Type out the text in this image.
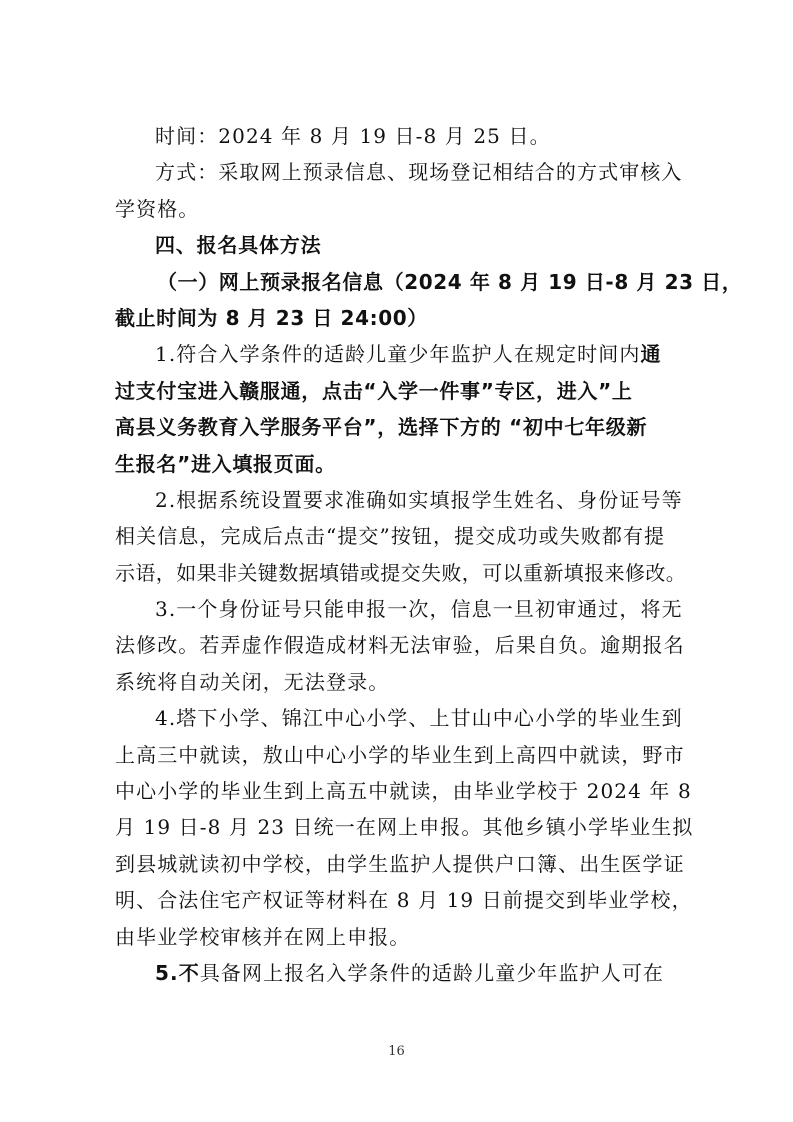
时间：2024 年 8 月 19 日-8 月 25 日。
方式：采取网上预录信息、现场登记相结合的方式审核入
学资格。
四、报名具体方法
（一）网上预录报名信息（2024 年 8 月 19 日-8 月 23 日，
截止时间为 8 月 23 日 24:00）
1.符合入学条件的适龄儿童少年监护人在规定时间内通
过支付宝进入赣服通，点击“入学一件事”专区，进入”上
高县义务教育入学服务平台”，选择下方的 “初中七年级新
生报名”进入填报页面。
2.根据系统设置要求准确如实填报学生姓名、身份证号等
相关信息，完成后点击“提交”按钮，提交成功或失败都有提
示语，如果非关键数据填错或提交失败，可以重新填报来修改。
3.一个身份证号只能申报一次，信息一旦初审通过，将无
法修改。若弄虚作假造成材料无法审验，后果自负。逾期报名
系统将自动关闭，无法登录。
4.塔下小学、锦江中心小学、上甘山中心小学的毕业生到
上高三中就读，敖山中心小学的毕业生到上高四中就读，野市
中心小学的毕业生到上高五中就读，由毕业学校于 2024 年 8
月 19 日-8 月 23 日统一在网上申报。其他乡镇小学毕业生拟
到县城就读初中学校，由学生监护人提供户口簿、出生医学证
明、合法住宅产权证等材料在 8 月 19 日前提交到毕业学校，
由毕业学校审核并在网上申报。
5.不具备网上报名入学条件的适龄儿童少年监护人可在
16
